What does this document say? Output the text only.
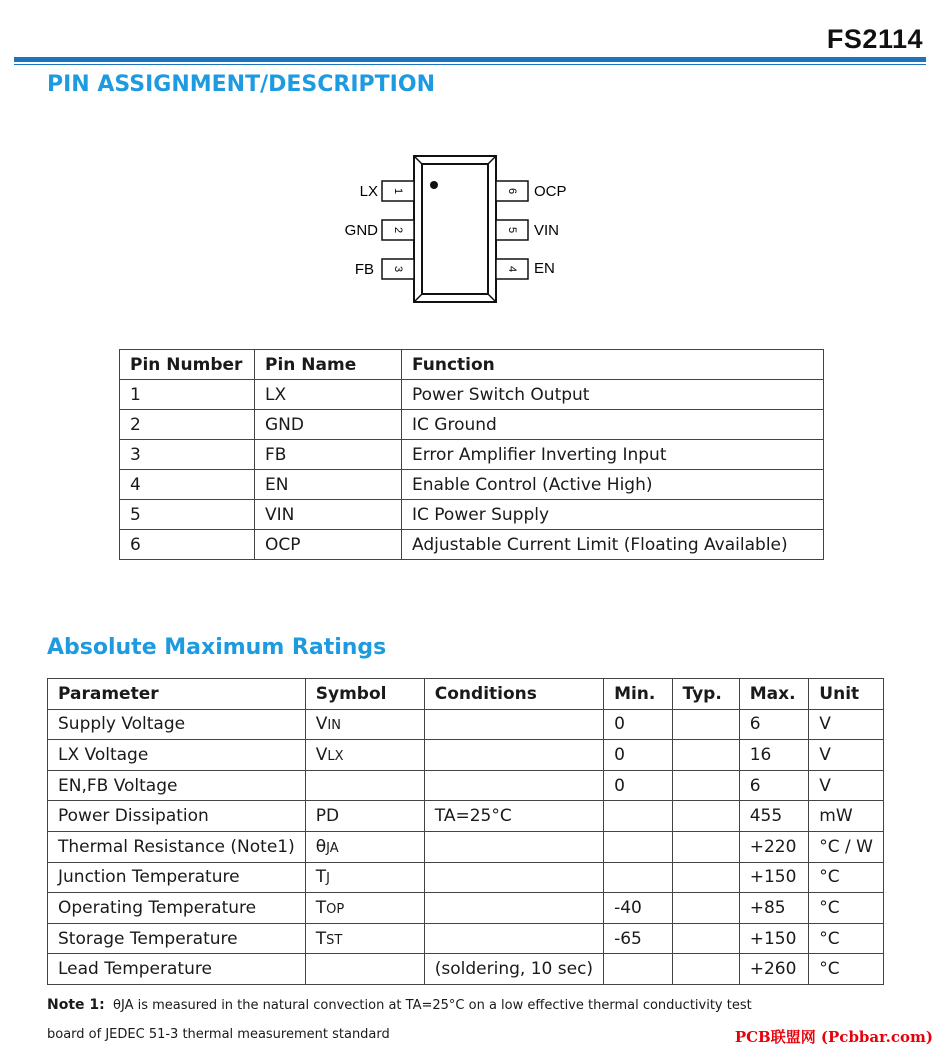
FS2114
PIN ASSIGNMENT/DESCRIPTION
1
2
3
6
5
4
LX
GND
FB
OCP
VIN
EN
Pin Number	Pin Name	Function
1	LX	Power Switch Output
2	GND	IC Ground
3	FB	Error Amplifier Inverting Input
4	EN	Enable Control (Active High)
5	VIN	IC Power Supply
6	OCP	Adjustable Current Limit (Floating Available)
Absolute Maximum Ratings
Parameter	Symbol	Conditions	Min.	Typ.	Max.	Unit
Supply Voltage	VIN		0		6	V
LX Voltage	VLX		0		16	V
EN,FB Voltage			0		6	V
Power Dissipation	PD	TA=25°C			455	mW
Thermal Resistance (Note1)	θJA				+220	°C / W
Junction Temperature	TJ				+150	°C
Operating Temperature	TOP		-40		+85	°C
Storage Temperature	TST		-65		+150	°C
Lead Temperature		(soldering, 10 sec)			+260	°C
Note 1: θJA is measured in the natural convection at TA=25°C on a low effective thermal conductivity test
board of JEDEC 51-3 thermal measurement standard	PCB联盟网 (Pcbbar.com)
